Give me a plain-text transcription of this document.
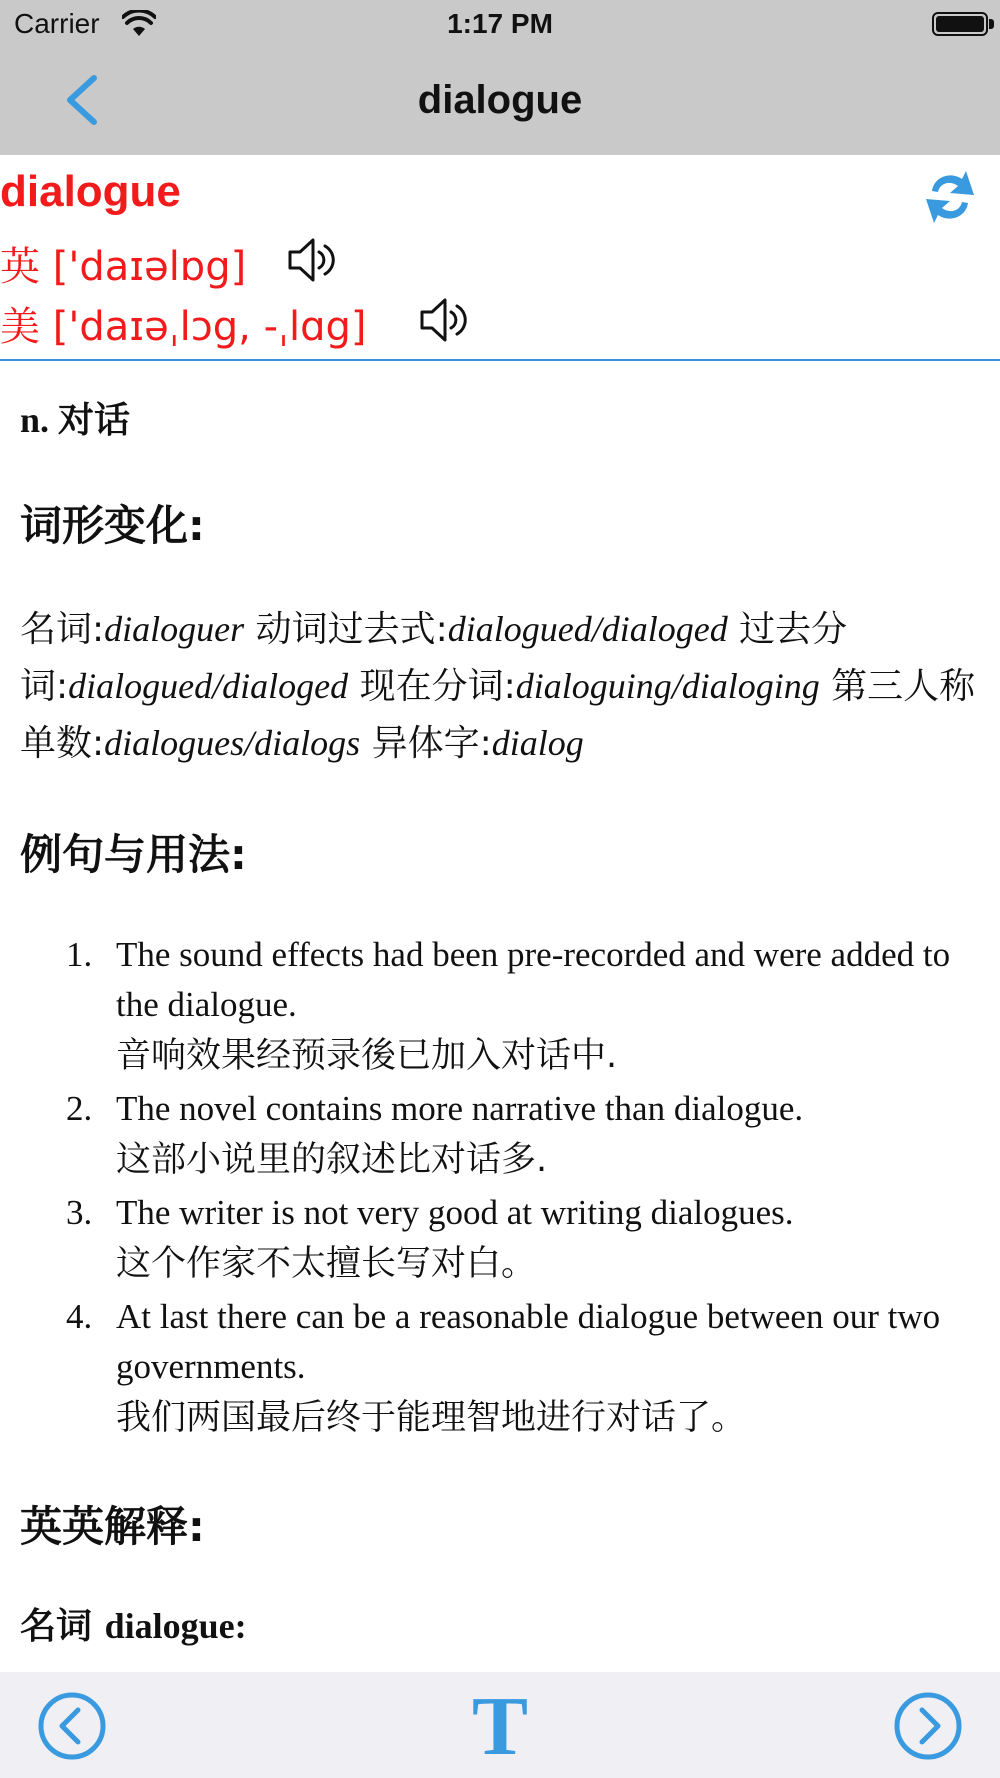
Carrier	1:17 PM
dialogue
dialogue
英 ['daɪəlɒg]
美 ['daɪəˌlɔg, -ˌlɑg]
n. 对话
词形变化:
名词:dialoguer 动词过去式:dialogued/dialoged 过去分词:dialogued/dialoged 现在分词:dialoguing/dialoging 第三人称单数:dialogues/dialogs 异体字:dialog
例句与用法:
1. The sound effects had been pre-recorded and were added to the dialogue.
音响效果经预录後已加入对话中.
2. The novel contains more narrative than dialogue.
这部小说里的叙述比对话多.
3. The writer is not very good at writing dialogues.
这个作家不太擅长写对白。
4. At last there can be a reasonable dialogue between our two governments.
我们两国最后终于能理智地进行对话了。
英英解释:
名词 dialogue:
T
